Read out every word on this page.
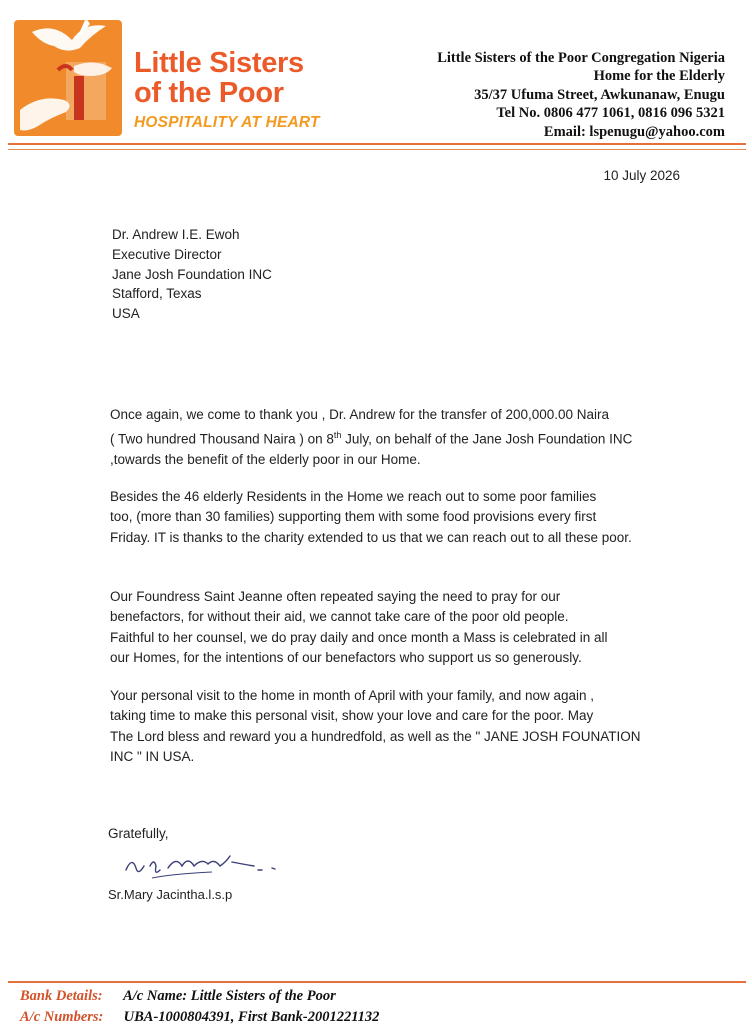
Little Sisters
of the Poor
HOSPITALITY AT HEART
Little Sisters of the Poor Congregation Nigeria
Home for the Elderly
35/37 Ufuma Street, Awkunanaw, Enugu
Tel No. 0806 477 1061, 0816 096 5321
Email: lspenugu@yahoo.com
10 July 2026
Dr. Andrew I.E. Ewoh
Executive Director
Jane Josh Foundation INC
Stafford, Texas
USA
Once again, we come to thank you , Dr. Andrew for the transfer of 200,000.00 Naira
( Two hundred Thousand Naira ) on 8th July, on behalf of the Jane Josh Foundation INC
,towards the benefit of the elderly poor in our Home.
Besides the 46 elderly Residents in the Home we reach out to some poor families
too, (more than 30 families) supporting them with some food provisions every first
Friday. IT is thanks to the charity extended to us that we can reach out to all these poor.
Our Foundress Saint Jeanne often repeated saying the need to pray for our
benefactors, for without their aid, we cannot take care of the poor old people.
Faithful to her counsel, we do pray daily and once month a Mass is celebrated in all
our Homes, for the intentions of our benefactors who support us so generously.
Your personal visit to the home in month of April with your family, and now again ,
taking time to make this personal visit, show your love and care for the poor. May
The Lord bless and reward you a hundredfold, as well as the " JANE JOSH FOUNATION
INC " IN USA.
Gratefully,
Sr.Mary Jacintha.l.s.p
Bank Details: A/c Name: Little Sisters of the Poor
A/c Numbers: UBA-1000804391, First Bank-2001221132
